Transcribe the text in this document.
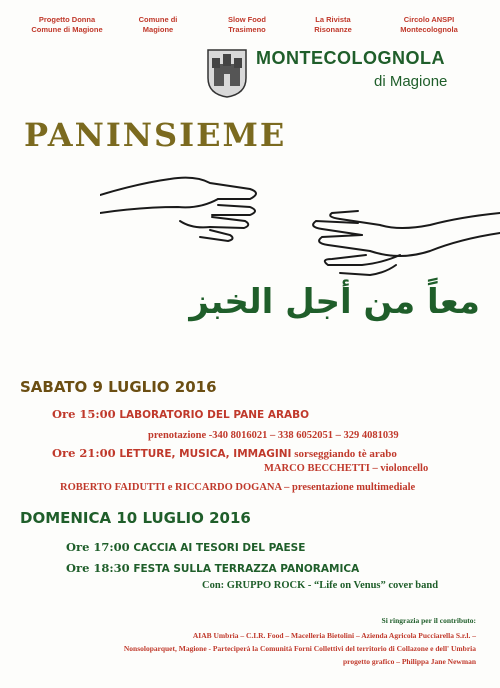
Progetto Donna
Comune di Magione
Comune di
Magione
Slow Food
Trasimeno
La Rivista
Risonanze
Circolo ANSPI
Montecolognola
MONTECOLOGNOLA
di Magione
PANINSIEME
معاً من أجل الخبز
SABATO 9 LUGLIO 2016
Ore 15:00 LABORATORIO DEL PANE ARABO
prenotazione -340 8016021 – 338 6052051 – 329 4081039
Ore 21:00 LETTURE, MUSICA, IMMAGINI sorseggiando tè arabo
MARCO BECCHETTI – violoncello
ROBERTO FAIDUTTI e RICCARDO DOGANA – presentazione multimediale
DOMENICA 10 LUGLIO 2016
Ore 17:00 CACCIA AI TESORI DEL PAESE
Ore 18:30 FESTA SULLA TERRAZZA PANORAMICA
Con: GRUPPO ROCK - “Life on Venus” cover band
Si ringrazia per il contributo:
AIAB Umbria – C.I.R. Food – Macelleria Bietolini – Azienda Agricola Pucciarella S.r.l. –
Nonsoloparquet, Magione - Parteciperà la Comunità Forni Collettivi del territorio di Collazone e dell' Umbria
progetto grafico – Philippa Jane Newman
